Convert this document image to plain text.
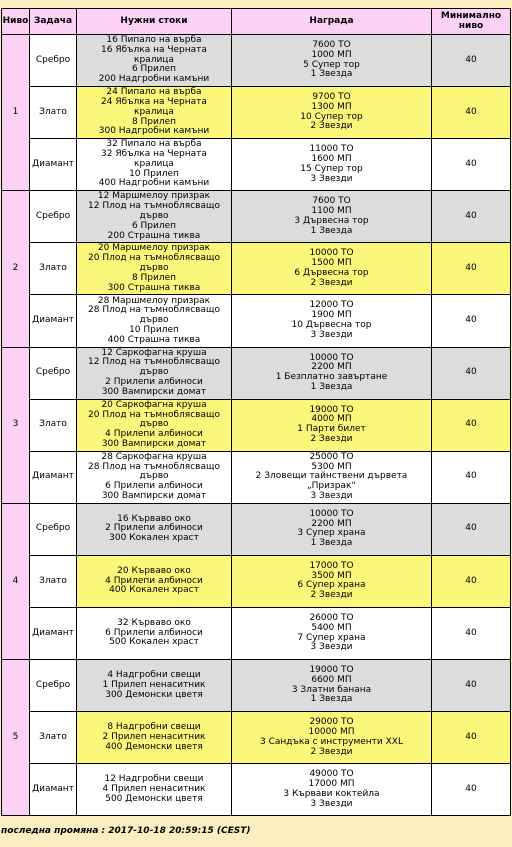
Ниво	Задача	Нужни стоки	Награда	Минимално
ниво

1	Сребро	16 Пипало на върба
16 Ябълка на Черната
кралица
6 Прилеп
200 Надгробни камъни	7600 ТО
1000 МП
5 Супер тор
1 Звезда	40
	Злато	24 Пипало на върба
24 Ябълка на Черната
кралица
8 Прилеп
300 Надгробни камъни	9700 ТО
1300 МП
10 Супер тор
2 Звезди	40
	Диамант	32 Пипало на върба
32 Ябълка на Черната
кралица
10 Прилеп
400 Надгробни камъни	11000 ТО
1600 МП
15 Супер тор
3 Звезди	40
2	Сребро	12 Маршмелоу призрак
12 Плод на тъмноблясващо
дърво
6 Прилеп
200 Страшна тиква	7600 ТО
1100 МП
3 Дървесна тор
1 Звезда	40
	Злато	20 Маршмелоу призрак
20 Плод на тъмноблясващо
дърво
8 Прилеп
300 Страшна тиква	10000 ТО
1500 МП
6 Дървесна тор
2 Звезди	40
	Диамант	28 Маршмелоу призрак
28 Плод на тъмноблясващо
дърво
10 Прилеп
400 Страшна тиква	12000 ТО
1900 МП
10 Дървесна тор
3 Звезди	40
3	Сребро	12 Саркофагна круша
12 Плод на тъмноблясващо
дърво
2 Прилепи албиноси
300 Вампирски домат	10000 ТО
2200 МП
1 Безплатно завъртане
1 Звезда	40
	Злато	20 Саркофагна круша
20 Плод на тъмноблясващо
дърво
4 Прилепи албиноси
300 Вампирски домат	19000 ТО
4000 МП
1 Парти билет
2 Звезди	40
	Диамант	28 Саркофагна круша
28 Плод на тъмноблясващо
дърво
6 Прилепи албиноси
300 Вампирски домат	25000 ТО
5300 МП
2 Зловещи тайнствени дървета
„Призрак“
3 Звезди	40
4	Сребро	16 Кърваво око
2 Прилепи албиноси
300 Кокален храст	10000 ТО
2200 МП
3 Супер храна
1 Звезда	40
	Злато	20 Кърваво око
4 Прилепи албиноси
400 Кокален храст	17000 ТО
3500 МП
6 Супер храна
2 Звезди	40
	Диамант	32 Кърваво око
6 Прилепи албиноси
500 Кокален храст	26000 ТО
5400 МП
7 Супер храна
3 Звезди	40
5	Сребро	4 Надгробни свещи
1 Прилеп ненаситник
300 Демонски цветя	19000 ТО
6600 МП
3 Златни банана
1 Звезда	40
	Злато	8 Надгробни свещи
2 Прилеп ненаситник
400 Демонски цветя	29000 ТО
10000 МП
3 Сандъка с инструменти XXL
2 Звезди	40
	Диамант	12 Надгробни свещи
4 Прилеп ненаситник
500 Демонски цветя	49000 ТО
17000 МП
3 Кървави коктейла
3 Звезди	40
последна промяна : 2017-10-18 20:59:15 (CEST)
